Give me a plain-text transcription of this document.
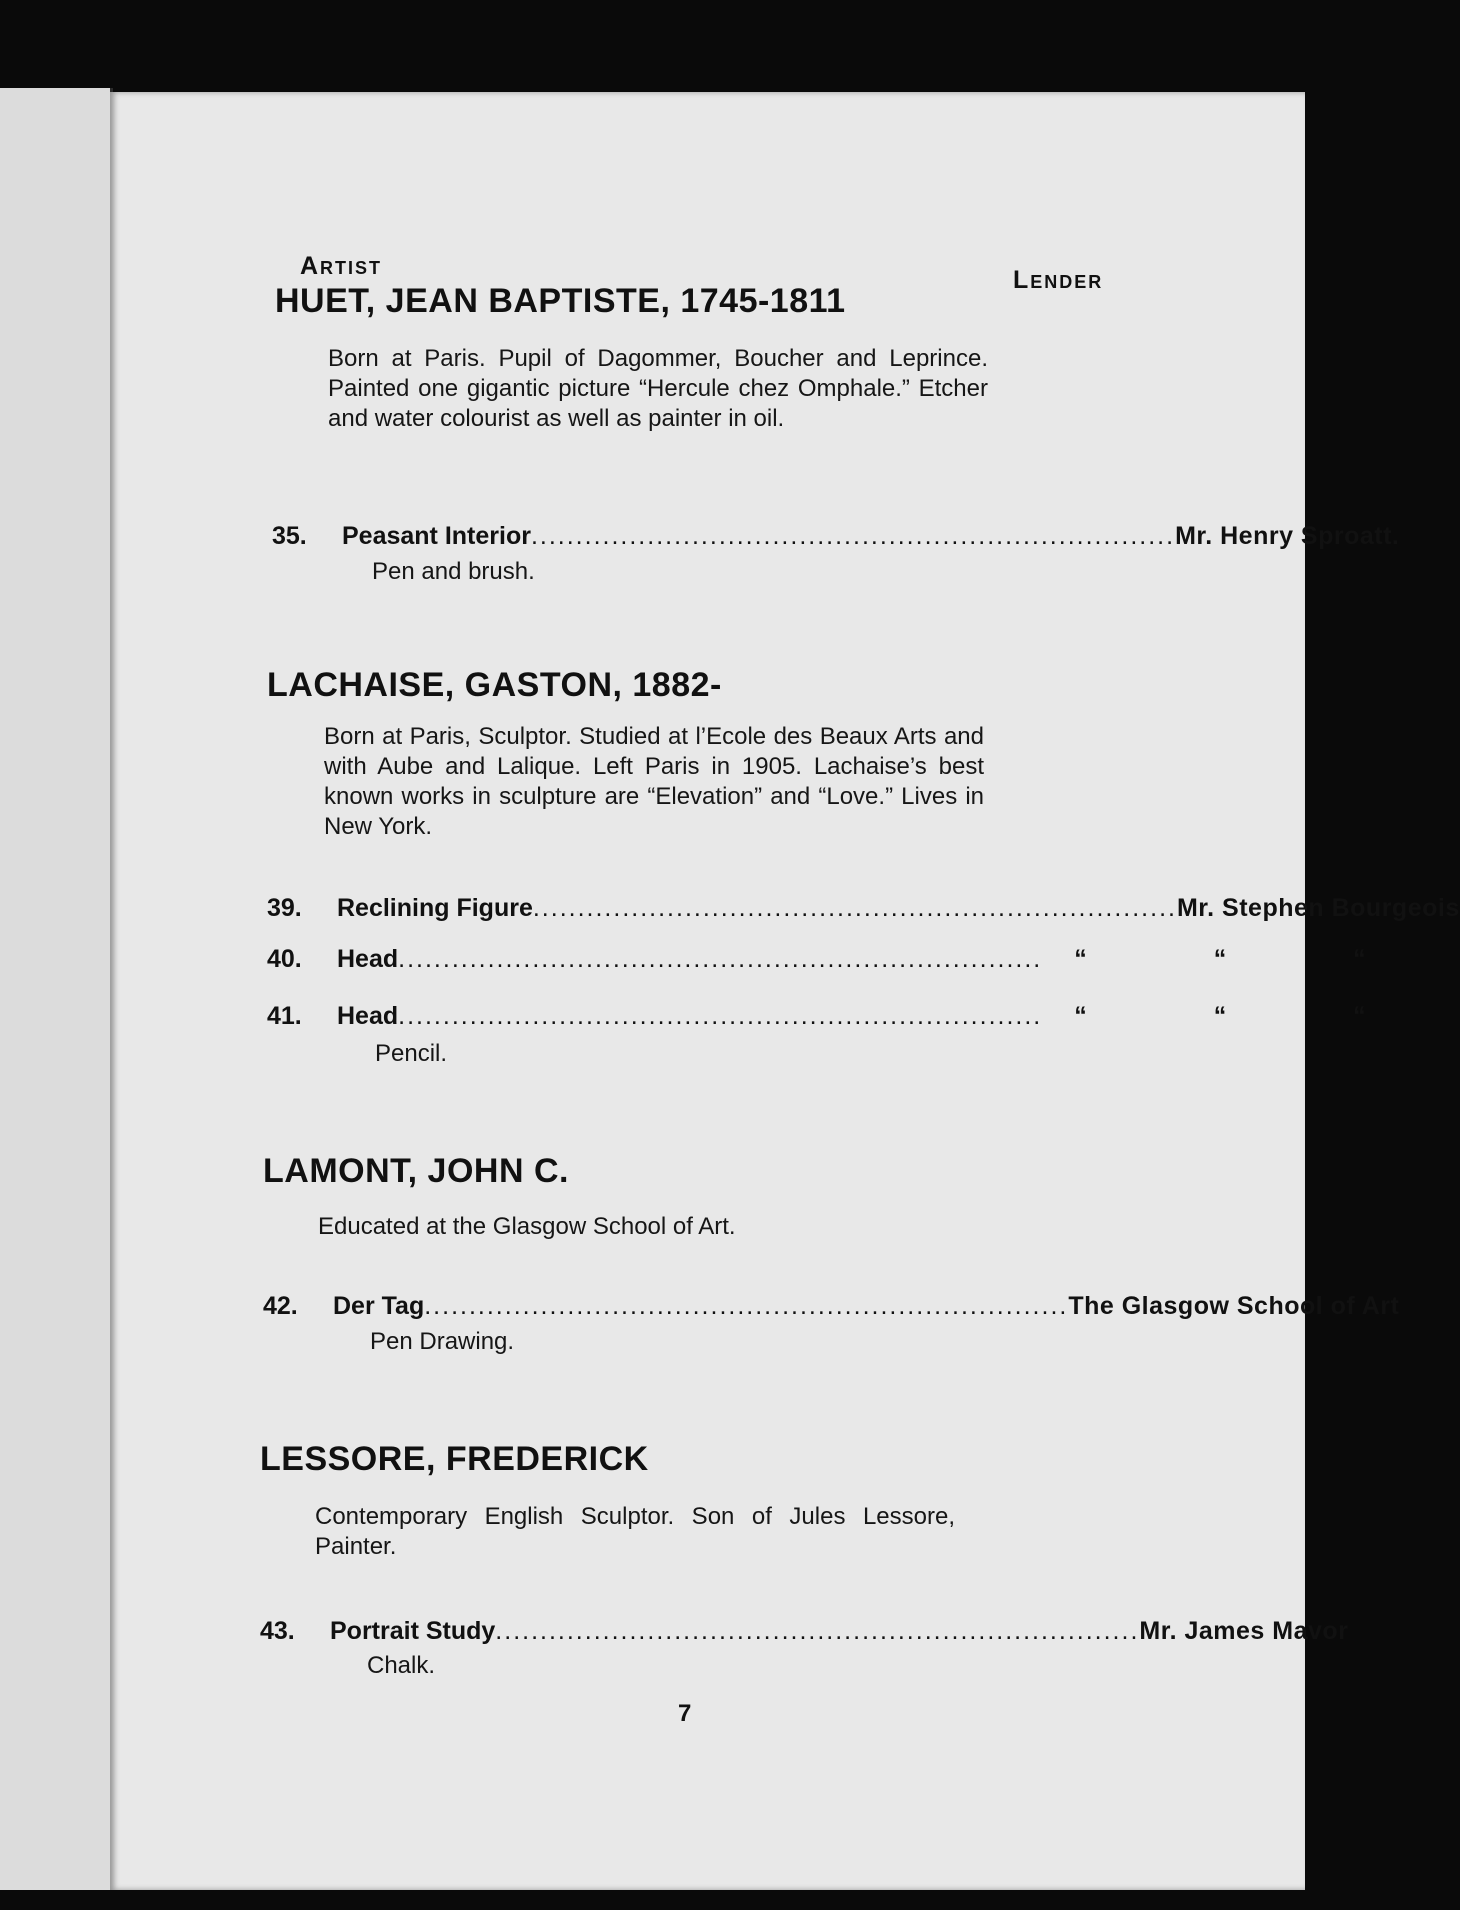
Artist	Lender
HUET, JEAN BAPTISTE, 1745-1811
Born at Paris. Pupil of Dagommer, Boucher and Leprince. Painted one gigantic picture “Hercule chez Omphale.” Etcher and water colourist as well as painter in oil.
35.	Peasant Interior ........................................................................ Mr. Henry Sproatt.
Pen and brush.
LACHAISE, GASTON, 1882-
Born at Paris, Sculptor. Studied at l’Ecole des Beaux Arts and with Aube and Lalique. Left Paris in 1905. Lachaise’s best known works in sculpture are “Elevation” and “Love.” Lives in New York.
39.	Reclining Figure ........................................................................ Mr. Stephen Bourgeois
40.	Head ........................................................................ “ “ “
41.	Head ........................................................................ “ “ “
Pencil.
LAMONT, JOHN C.
Educated at the Glasgow School of Art.
42.	Der Tag ........................................................................ The Glasgow School of Art
Pen Drawing.
LESSORE, FREDERICK
Contemporary English Sculptor. Son of Jules Lessore, Painter.
43.	Portrait Study ........................................................................ Mr. James Mavor
Chalk.
7
